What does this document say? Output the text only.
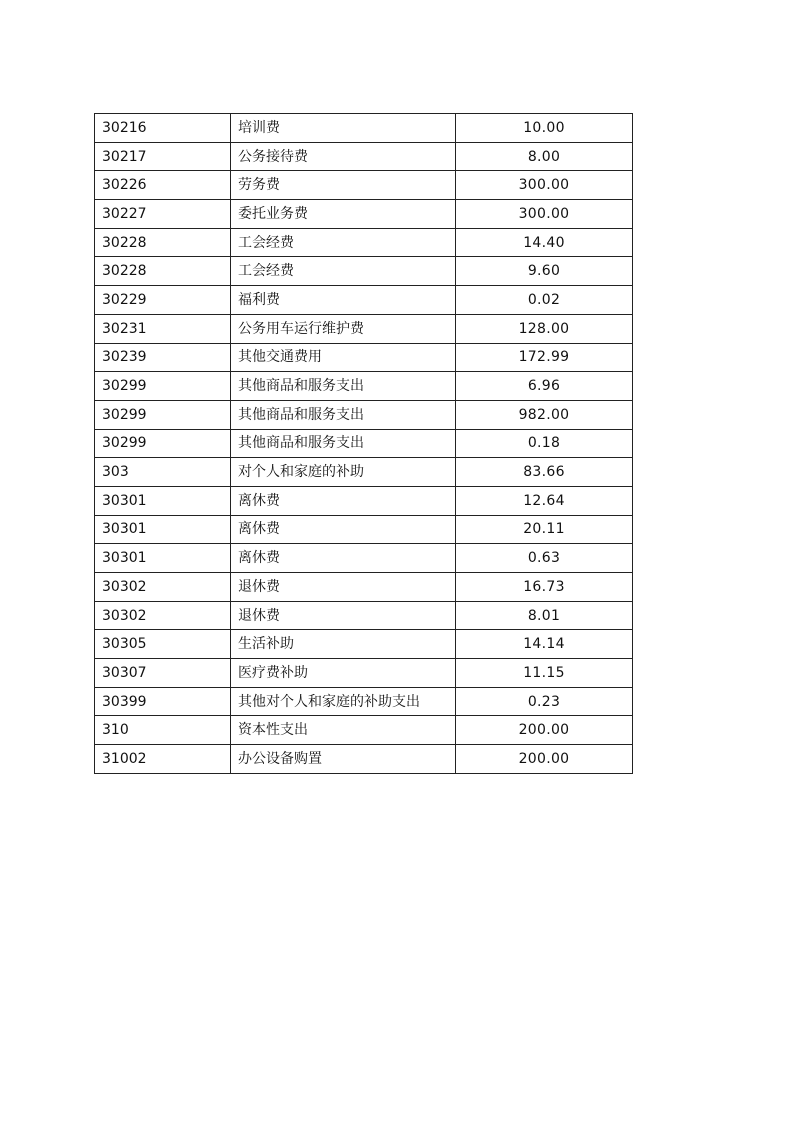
30216	培训费	10.00
30217	公务接待费	8.00
30226	劳务费	300.00
30227	委托业务费	300.00
30228	工会经费	14.40
30228	工会经费	9.60
30229	福利费	0.02
30231	公务用车运行维护费	128.00
30239	其他交通费用	172.99
30299	其他商品和服务支出	6.96
30299	其他商品和服务支出	982.00
30299	其他商品和服务支出	0.18
303	对个人和家庭的补助	83.66
30301	离休费	12.64
30301	离休费	20.11
30301	离休费	0.63
30302	退休费	16.73
30302	退休费	8.01
30305	生活补助	14.14
30307	医疗费补助	11.15
30399	其他对个人和家庭的补助支出	0.23
310	资本性支出	200.00
31002	办公设备购置	200.00
